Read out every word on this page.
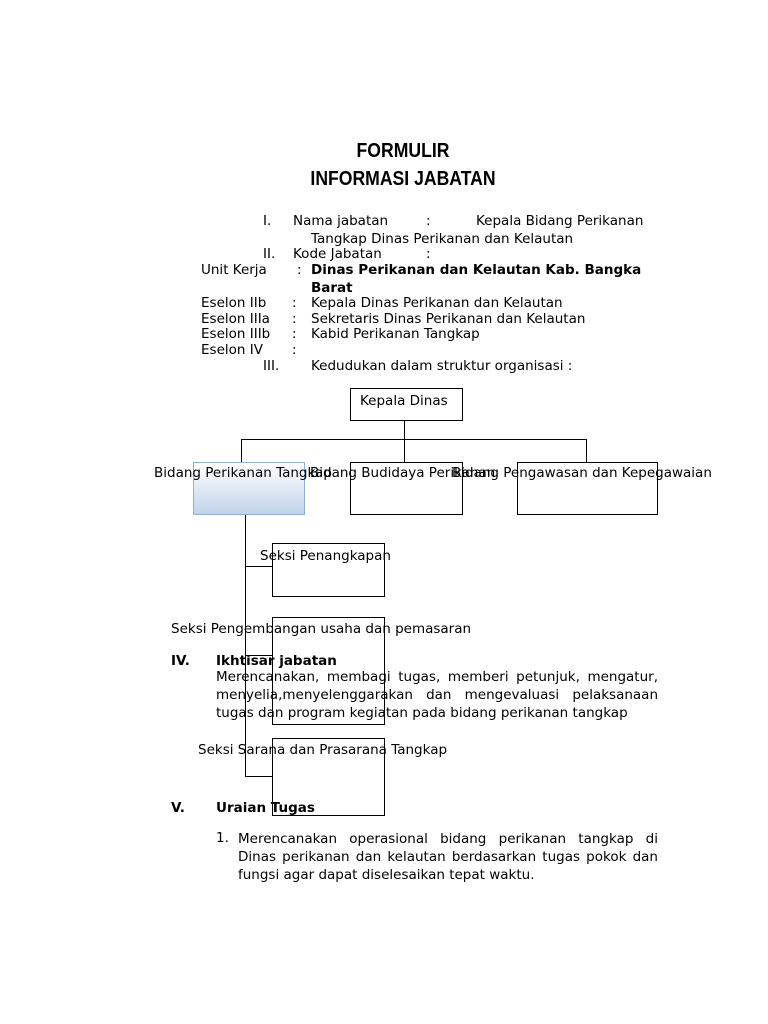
FORMULIR
INFORMASI JABATAN
I. Nama jabatan	:	Kepala Bidang Perikanan
Tangkap Dinas Perikanan dan Kelautan
II. Kode Jabatan	:
Unit Kerja : Dinas Perikanan dan Kelautan Kab. Bangka
Barat
Eselon IIb : Kepala Dinas Perikanan dan Kelautan
Eselon IIIa : Sekretaris Dinas Perikanan dan Kelautan
Eselon IIIb : Kabid Perikanan Tangkap
Eselon IV :
III. Kedudukan dalam struktur organisasi :
Kepala Dinas
Bidang Perikanan Tangkap
Bidang Budidaya Perikanan
Bidang Pengawasan dan Kepegawaian
Seksi Penangkapan
Seksi Pengembangan usaha dan pemasaran
Seksi Sarana dan Prasarana Tangkap
IV. Ikhtisar jabatan
Merencanakan, membagi tugas, memberi petunjuk, mengatur, menyelia,menyelenggarakan dan mengevaluasi pelaksanaan tugas dan program kegiatan pada bidang perikanan tangkap
V. Uraian Tugas
1. Merencanakan operasional bidang perikanan tangkap di Dinas perikanan dan kelautan berdasarkan tugas pokok dan fungsi agar dapat diselesaikan tepat waktu.
